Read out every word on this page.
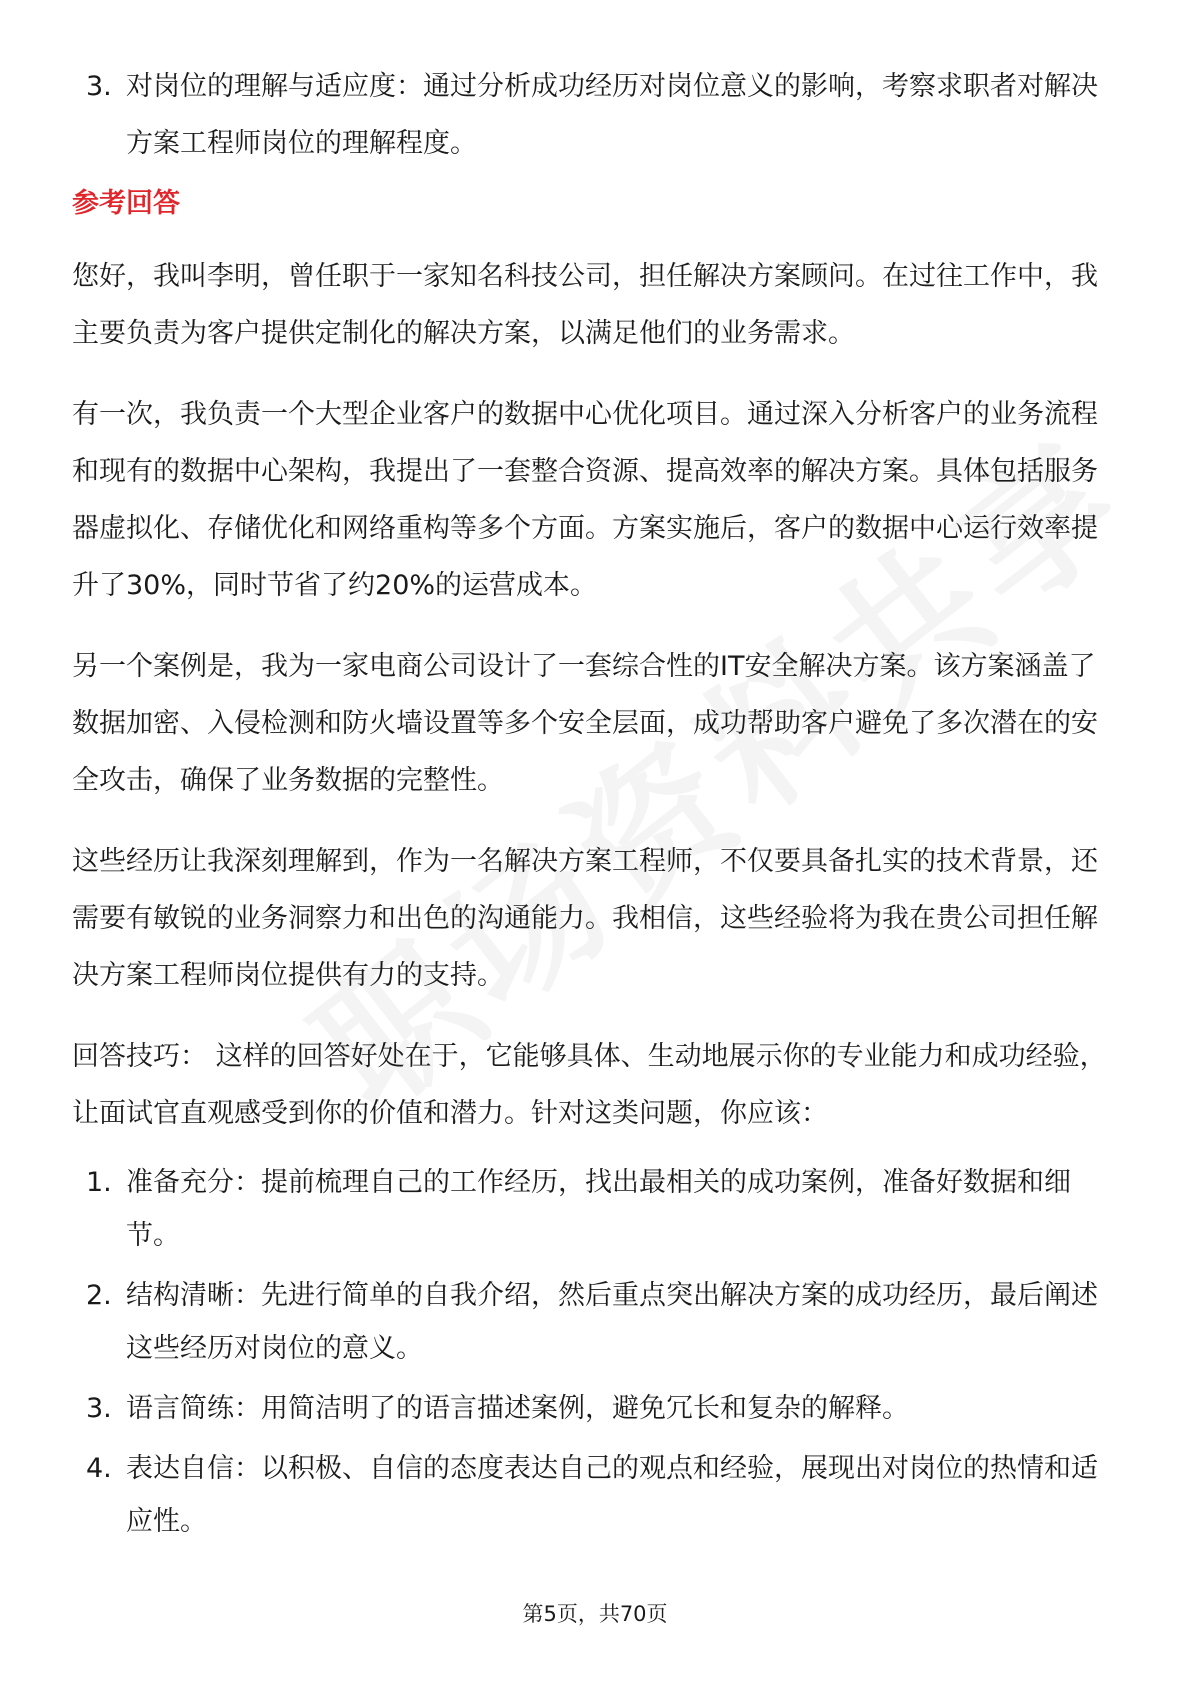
3. 对岗位的理解与适应度：通过分析成功经历对岗位意义的影响，考察求职者对解决方案工程师岗位的理解程度。
参考回答

您好，我叫李明，曾任职于一家知名科技公司，担任解决方案顾问。在过往工作中，我主要负责为客户提供定制化的解决方案，以满足他们的业务需求。

有一次，我负责一个大型企业客户的数据中心优化项目。通过深入分析客户的业务流程和现有的数据中心架构，我提出了一套整合资源、提高效率的解决方案。具体包括服务器虚拟化、存储优化和网络重构等多个方面。方案实施后，客户的数据中心运行效率提升了30%，同时节省了约20%的运营成本。

另一个案例是，我为一家电商公司设计了一套综合性的IT安全解决方案。该方案涵盖了数据加密、入侵检测和防火墙设置等多个安全层面，成功帮助客户避免了多次潜在的安全攻击，确保了业务数据的完整性。

这些经历让我深刻理解到，作为一名解决方案工程师，不仅要具备扎实的技术背景，还需要有敏锐的业务洞察力和出色的沟通能力。我相信，这些经验将为我在贵公司担任解决方案工程师岗位提供有力的支持。

回答技巧： 这样的回答好处在于，它能够具体、生动地展示你的专业能力和成功经验，让面试官直观感受到你的价值和潜力。针对这类问题，你应该：

1. 准备充分：提前梳理自己的工作经历，找出最相关的成功案例，准备好数据和细节。
2. 结构清晰：先进行简单的自我介绍，然后重点突出解决方案的成功经历，最后阐述这些经历对岗位的意义。
3. 语言简练：用简洁明了的语言描述案例，避免冗长和复杂的解释。
4. 表达自信：以积极、自信的态度表达自己的观点和经验，展现出对岗位的热情和适应性。
第5页，共70页
